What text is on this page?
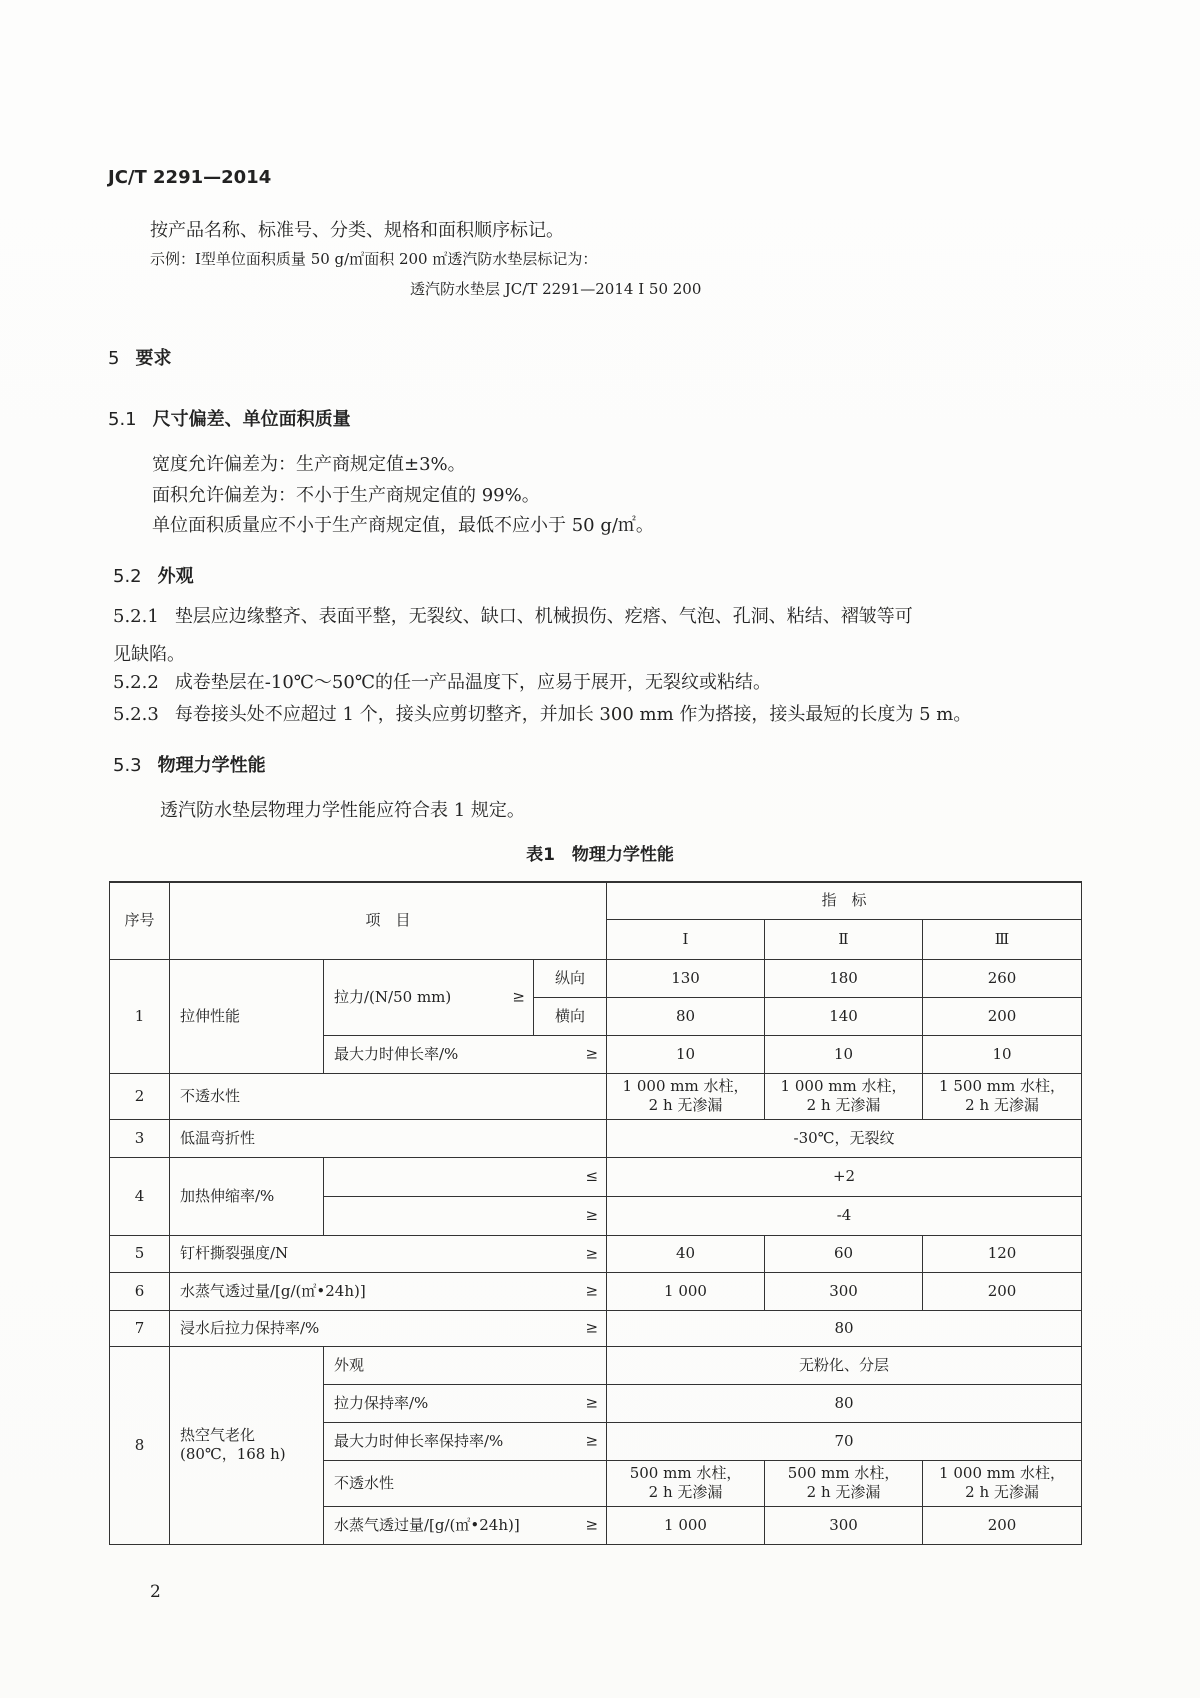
JC/T 2291—2014
按产品名称、标准号、分类、规格和面积顺序标记。
示例：Ⅰ型单位面积质量 50 g/㎡面积 200 ㎡透汽防水垫层标记为：
透汽防水垫层 JC/T 2291—2014 Ⅰ 50 200
5 要求
5.1 尺寸偏差、单位面积质量
宽度允许偏差为：生产商规定值±3%。
面积允许偏差为：不小于生产商规定值的 99%。
单位面积质量应不小于生产商规定值，最低不应小于 50 g/㎡。
5.2 外观
5.2.1 垫层应边缘整齐、表面平整，无裂纹、缺口、机械损伤、疙瘩、气泡、孔洞、粘结、褶皱等可
见缺陷。
5.2.2 成卷垫层在-10℃～50℃的任一产品温度下，应易于展开，无裂纹或粘结。
5.2.3 每卷接头处不应超过 1 个，接头应剪切整齐，并加长 300 mm 作为搭接，接头最短的长度为 5 m。
5.3 物理力学性能
透汽防水垫层物理力学性能应符合表 1 规定。
表1　物理力学性能
序号	项　目			指　标		
				Ⅰ	Ⅱ	Ⅲ
1	拉伸性能	拉力/(N/50 mm) ≥	纵向	130	180	260
			横向	80	140	200
		最大力时伸长率/% ≥		10	10	10
2	不透水性			1 000 mm 水柱，
2 h 无渗漏	1 000 mm 水柱，
2 h 无渗漏	1 500 mm 水柱，
2 h 无渗漏
3	低温弯折性			-30℃，无裂纹		
4	加热伸缩率/%	≤		+2		
		≥		-4		
5	钉杆撕裂强度/N ≥			40	60	120
6	水蒸气透过量/[g/(㎡•24h)] ≥			1 000	300	200
7	浸水后拉力保持率/% ≥			80		
8	热空气老化
(80℃，168 h)	外观		无粉化、分层		
		拉力保持率/% ≥		80		
		最大力时伸长率保持率/% ≥		70		
		不透水性		500 mm 水柱，
2 h 无渗漏	500 mm 水柱，
2 h 无渗漏	1 000 mm 水柱，
2 h 无渗漏
		水蒸气透过量/[g/(㎡•24h)] ≥		1 000	300	200
2
